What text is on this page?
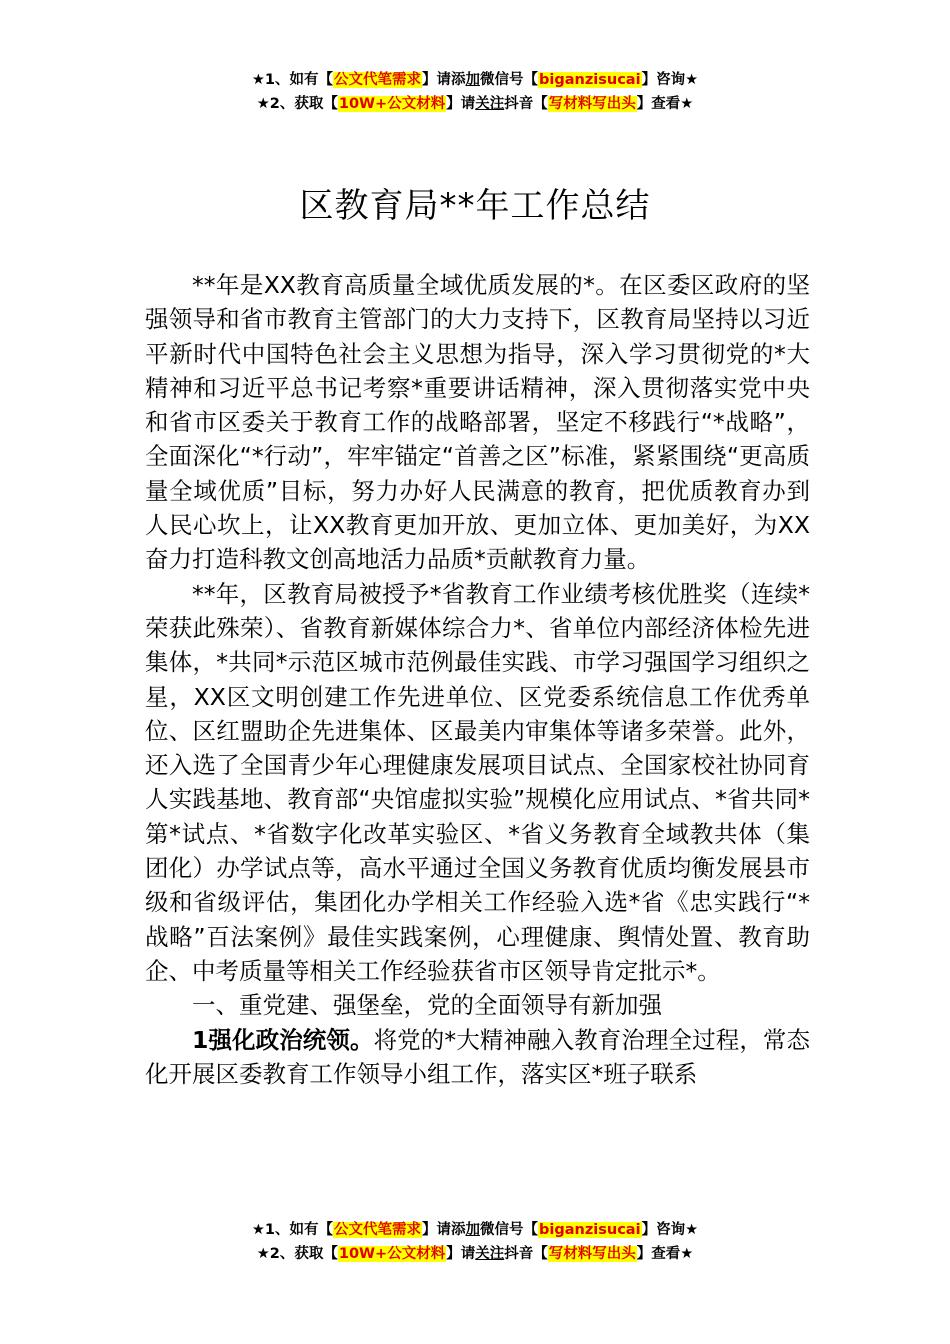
★1、如有【公文代笔需求】请添加微信号【biganzisucai】咨询★
★2、获取【10W+公文材料】请关注抖音【写材料写出头】查看★
区教育局**年工作总结

**年是XX教育高质量全域优质发展的*。在区委区政府的坚强领导和省市教育主管部门的大力支持下，区教育局坚持以习近平新时代中国特色社会主义思想为指导，深入学习贯彻党的*大精神和习近平总书记考察*重要讲话精神，深入贯彻落实党中央和省市区委关于教育工作的战略部署，坚定不移践行“*战略”，全面深化“*行动”，牢牢锚定“首善之区”标准，紧紧围绕“更高质量全域优质”目标，努力办好人民满意的教育，把优质教育办到人民心坎上，让XX教育更加开放、更加立体、更加美好，为XX奋力打造科教文创高地活力品质*贡献教育力量。

**年，区教育局被授予*省教育工作业绩考核优胜奖（连续*荣获此殊荣）、省教育新媒体综合力*、省单位内部经济体检先进集体，*共同*示范区城市范例最佳实践、市学习强国学习组织之星，XX区文明创建工作先进单位、区党委系统信息工作优秀单位、区红盟助企先进集体、区最美内审集体等诸多荣誉。此外，还入选了全国青少年心理健康发展项目试点、全国家校社协同育人实践基地、教育部“央馆虚拟实验”规模化应用试点、*省共同*第*试点、*省数字化改革实验区、*省义务教育全域教共体（集团化）办学试点等，高水平通过全国义务教育优质均衡发展县市级和省级评估，集团化办学相关工作经验入选*省《忠实践行“*战略”百法案例》最佳实践案例，心理健康、舆情处置、教育助企、中考质量等相关工作经验获省市区领导肯定批示*。

一、重党建、强堡垒，党的全面领导有新加强

1强化政治统领。将党的*大精神融入教育治理全过程，常态化开展区委教育工作领导小组工作，落实区*班子联系

★1、如有【公文代笔需求】请添加微信号【biganzisucai】咨询★
★2、获取【10W+公文材料】请关注抖音【写材料写出头】查看★
